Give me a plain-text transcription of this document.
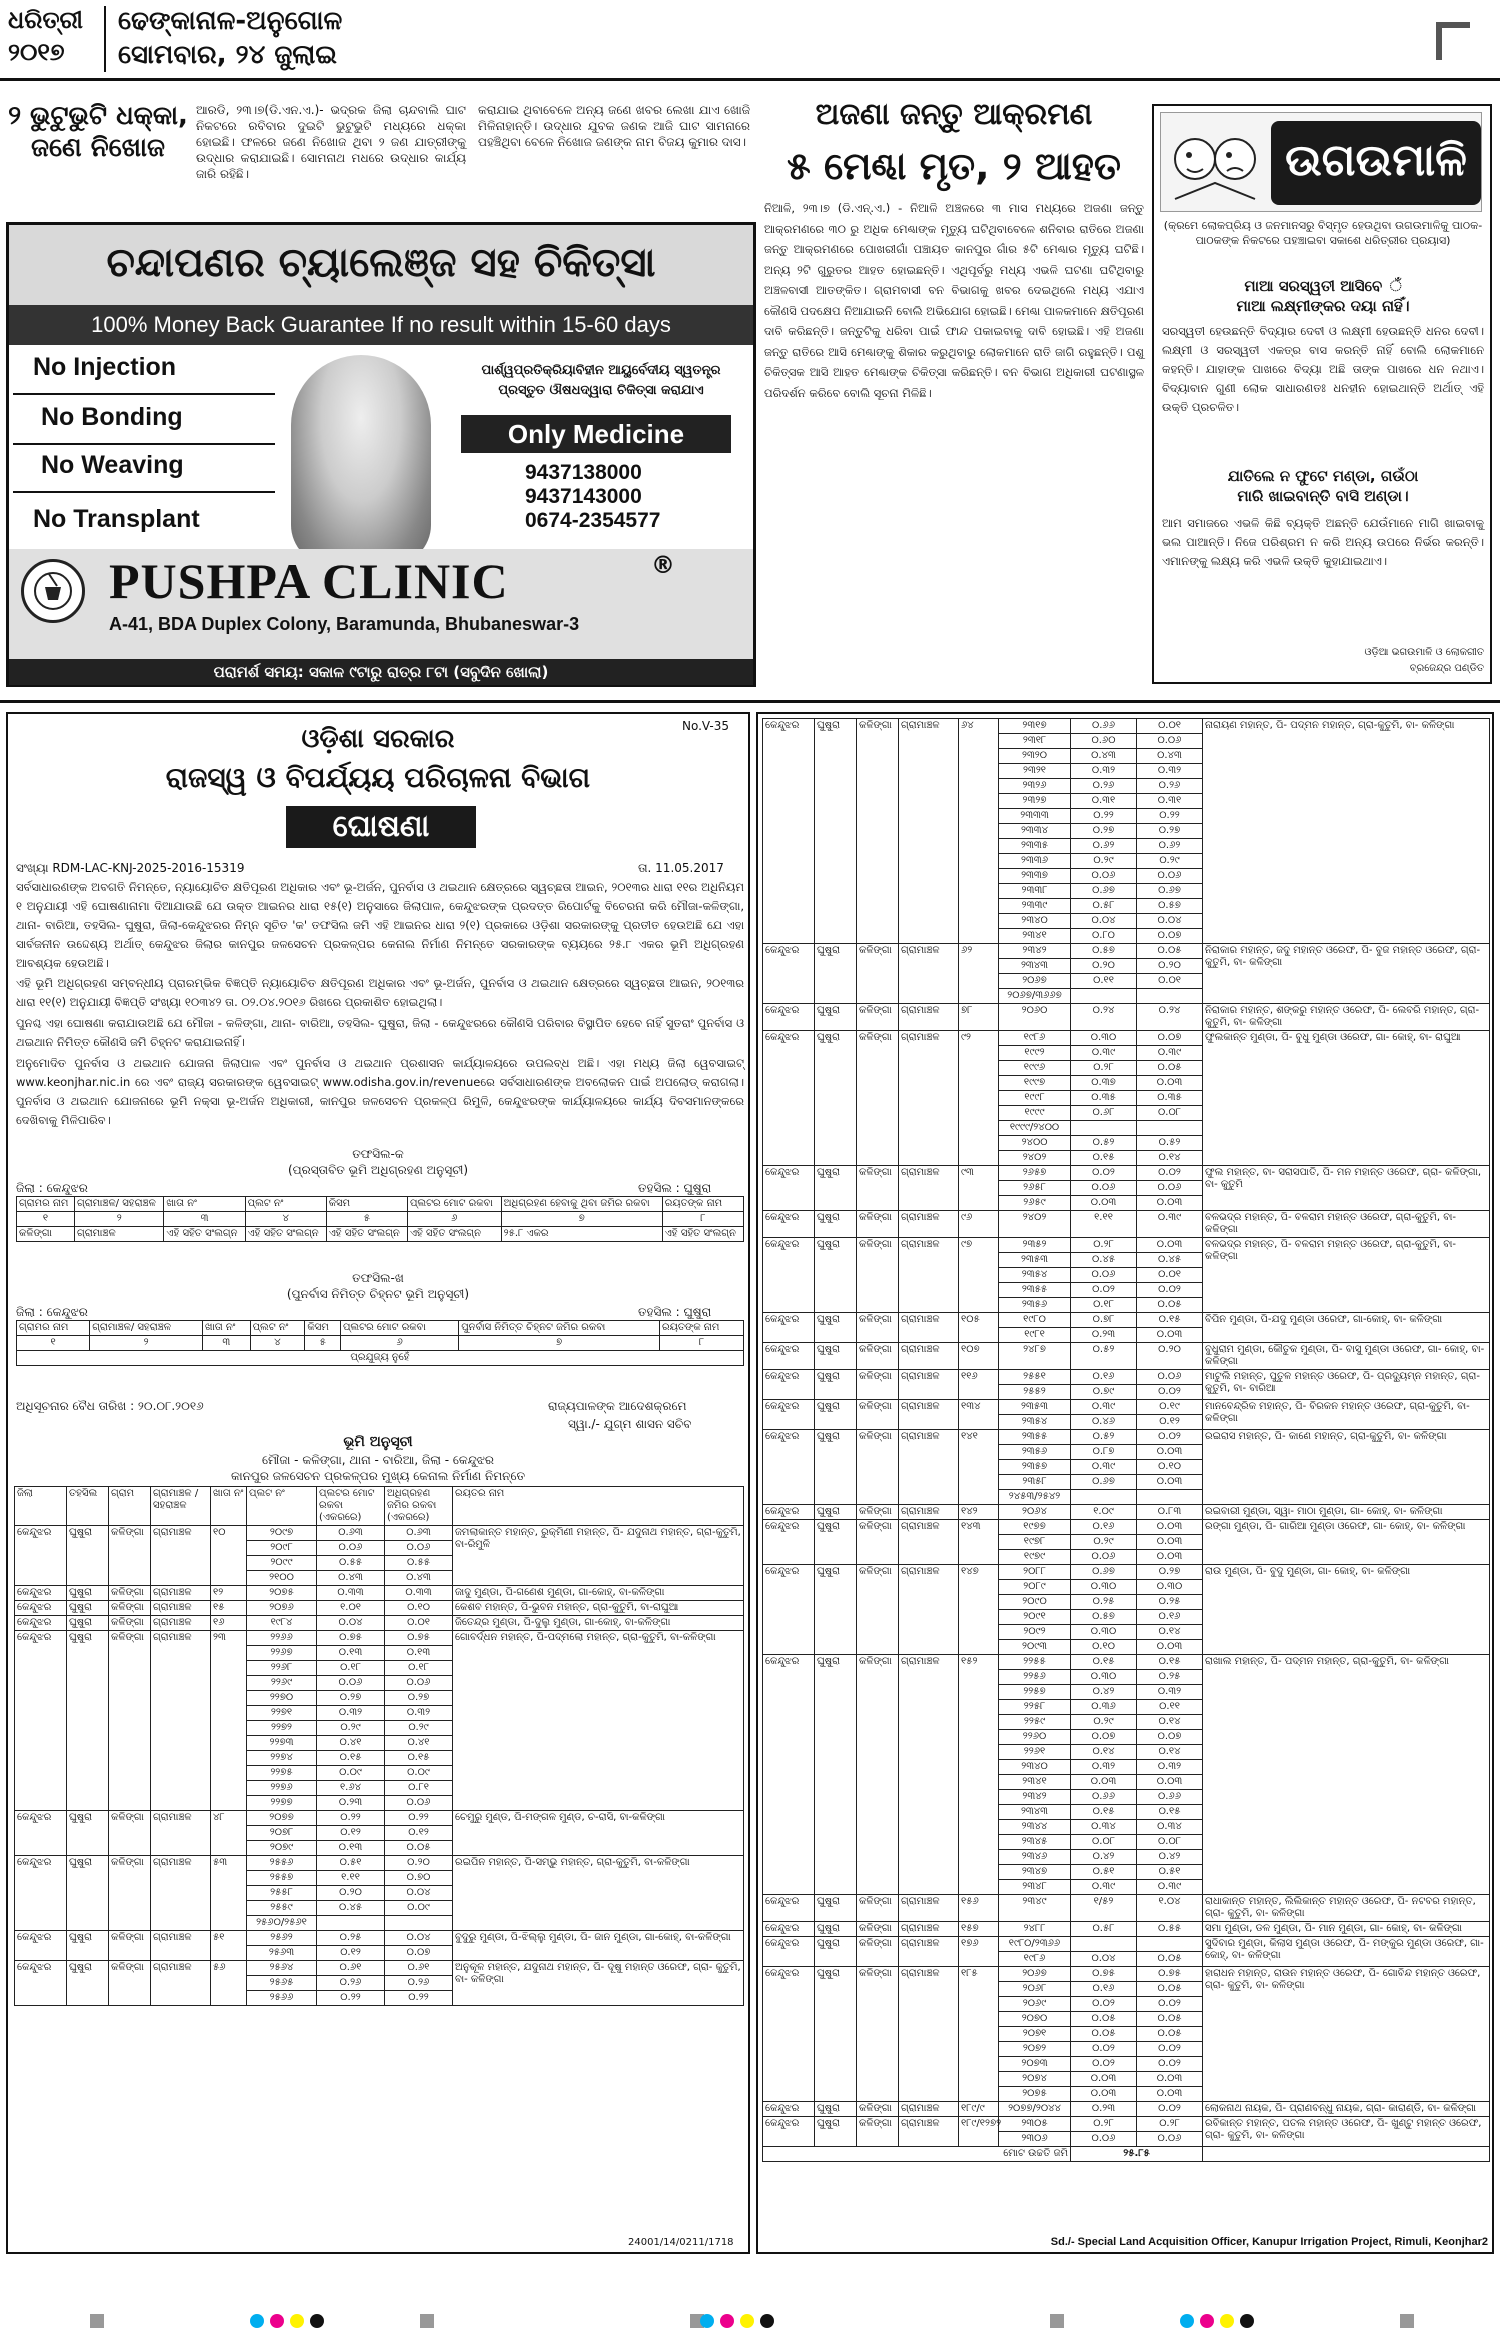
ଧରିତ୍ରୀ
୨୦୧୭
ଢେଙ୍କାନାଳ-ଅନୁଗୋଳ
ସୋମବାର, ୨୪ ଜୁଲାଇ
୨ ଭୁଟୁଭୁଟି ଧକ୍କା, ଜଣେ ନିଖୋଜ
ଆରଡି, ୨୩।୭(ଡି.ଏନ.ଏ.)- ଭଦ୍ରକ ଜିଲା ଚାନ୍ଦବାଲି ଘାଟ ନିକଟରେ ରବିବାର ଦୁଇଟି ଭୁଟୁଭୁଟି ମଧ୍ୟରେ ଧକ୍କା ହୋଇଛି। ଫଳରେ ଜଣେ ନିଖୋଜ ଥିବା ୨ ଜଣ ଯାତ୍ରୀଙ୍କୁ ଉଦ୍ଧାର କରାଯାଇଛି। ସୋମନାଥ ମଧରେ ଉଦ୍ଧାର କାର୍ଯ୍ୟ ଜାରି ରହିଛି।
କରାଯାଇ ଥିବାବେଳେ ଅନ୍ୟ ଜଣେ ଖବର ଲେଖା ଯାଏ ଖୋଜି ମିଳିନାହାନ୍ତି। ଉଦ୍ଧାର ଯୁବକ ଜଣକ ଆଜି ଘାଟ ସାମନାରେ ପହଞ୍ଚିଥିବା ବେଳେ ନିଖୋଜ ଜଣଙ୍କ ନାମ ବିଜୟ କୁମାର ଦାସ।
ଚନ୍ଦାପଣର ଚ୍ୟାଲେଞ୍ଜ ସହ ଚିକିତ୍ସା
100% Money Back Guarantee If no result within 15-60 days
No Injection
No Bonding
No Weaving
No Transplant
ପାର୍ଶ୍ୱପ୍ରତିକ୍ରିୟାବିହୀନ ଆୟୁର୍ବେଦୀୟ ସ୍ୱତନ୍ତ୍ର ପ୍ରସ୍ତୁତ ଔଷଧଦ୍ୱାରା ଚିକିତ୍ସା କରାଯାଏ
Only Medicine
9437138000
9437143000
0674-2354577
PUSHPA CLINIC	®
A-41, BDA Duplex Colony, Baramunda, Bhubaneswar-3
ପରାମର୍ଶ ସମୟ: ସକାଳ ୯ଟାରୁ ରାତ୍ର ୮ଟା (ସବୁଦିନ ଖୋଲା)
ଅଜଣା ଜନ୍ତୁ ଆକ୍ରମଣ
୫ ମେଣ୍ଢା ମୃତ, ୨ ଆହତ
ନିଆଳି, ୨୩।୭ (ଡି.ଏନ୍.ଏ.) - ନିଆଳି ଅଞ୍ଚଳରେ ୩ ମାସ ମଧ୍ୟରେ ଅଜଣା ଜନ୍ତୁ ଆକ୍ରମଣରେ ୩୦ ରୁ ଅଧିକ ମେଣ୍ଢାଙ୍କ ମୃତ୍ୟୁ ଘଟିଥିବାବେଳେ ଶନିବାର ରାତିରେ ଅଜଣା ଜନ୍ତୁ ଆକ୍ରମଣରେ ପୋଖରୀଗାଁ ପଞ୍ଚାୟତ କାନପୁର ଗାଁର ୫ଟି ମେଣ୍ଢାର ମୃତ୍ୟୁ ଘଟିଛି। ଅନ୍ୟ ୨ଟି ଗୁରୁତର ଆହତ ହୋଇଛନ୍ତି। ଏଥିପୂର୍ବରୁ ମଧ୍ୟ ଏଭଳି ଘଟଣା ଘଟିଥିବାରୁ ଅଞ୍ଚଳବାସୀ ଆତଙ୍କିତ। ଗ୍ରାମବାସୀ ବନ ବିଭାଗକୁ ଖବର ଦେଇଥିଲେ ମଧ୍ୟ ଏଯାଏ କୌଣସି ପଦକ୍ଷେପ ନିଆଯାଇନି ବୋଲି ଅଭିଯୋଗ ହୋଇଛି। ମେଣ୍ଢା ପାଳକମାନେ କ୍ଷତିପୂରଣ ଦାବି କରିଛନ୍ତି। ଜନ୍ତୁଟିକୁ ଧରିବା ପାଇଁ ଫାନ୍ଦ ପକାଇବାକୁ ଦାବି ହୋଇଛି। ଏହି ଅଜଣା ଜନ୍ତୁ ରାତିରେ ଆସି ମେଣ୍ଢାଙ୍କୁ ଶିକାର କରୁଥିବାରୁ ଲୋକମାନେ ରାତି ଜାଗି ରହୁଛନ୍ତି। ପଶୁ ଚିକିତ୍ସକ ଆସି ଆହତ ମେଣ୍ଢାଙ୍କ ଚିକିତ୍ସା କରିଛନ୍ତି। ବନ ବିଭାଗ ଅଧିକାରୀ ଘଟଣାସ୍ଥଳ ପରିଦର୍ଶନ କରିବେ ବୋଲି ସୂଚନା ମିଳିଛି।
ଉଗଉମାଳି
(କ୍ରମେ ଲୋକପ୍ରିୟ ଓ ଜନମାନସରୁ ବିସ୍ମୃତ ହେଉଥିବା ଉଗଉମାଳିକୁ ପାଠକ-ପାଠକଙ୍କ ନିକଟରେ ପହଞ୍ଚାଇବା ସକାଶେ ଧରିତ୍ରୀର ପ୍ରୟାସ)
ମାଆ ସରସ୍ୱତୀ ଆସିବେ ଁ
ମାଆ ଲକ୍ଷ୍ମୀଙ୍କର ଦୟା ନାହିଁ।
ସରସ୍ୱତୀ ହେଉଛନ୍ତି ବିଦ୍ୟାର ଦେବୀ ଓ ଲକ୍ଷ୍ମୀ ହେଉଛନ୍ତି ଧନର ଦେବୀ। ଲକ୍ଷ୍ମୀ ଓ ସରସ୍ୱତୀ ଏକତ୍ର ବାସ କରନ୍ତି ନାହିଁ ବୋଲି ଲୋକମାନେ କହନ୍ତି। ଯାହାଙ୍କ ପାଖରେ ବିଦ୍ୟା ଅଛି ତାଙ୍କ ପାଖରେ ଧନ ନଥାଏ। ବିଦ୍ୟାବାନ ଗୁଣୀ ଲୋକ ସାଧାରଣତଃ ଧନହୀନ ହୋଇଥାନ୍ତି ଅର୍ଥାତ୍ ଏହି ଉକ୍ତି ପ୍ରଚଳିତ।
ଯାତିଲେ ନ ଫୁଟେ ମଣ୍ଡା, ଗଉଁଠା
ମାରି ଖାଇବାନ୍ତି ବାସି ଅଣ୍ଡା।
ଆମ ସମାଜରେ ଏଭଳି କିଛି ବ୍ୟକ୍ତି ଅଛନ୍ତି ଯେଉଁମାନେ ମାଗି ଖାଇବାକୁ ଭଲ ପାଆନ୍ତି। ନିଜେ ପରିଶ୍ରମ ନ କରି ଅନ୍ୟ ଉପରେ ନିର୍ଭର କରନ୍ତି। ଏମାନଙ୍କୁ ଲକ୍ଷ୍ୟ କରି ଏଭଳି ଉକ୍ତି କୁହାଯାଇଥାଏ।
ଓଡ଼ିଆ ଭଗଉମାଳି ଓ ଲୋକଗୀତ
ବ୍ରଜେନ୍ଦ୍ର ପଣ୍ଡିତ
No.V-35
ଓଡ଼ିଶା ସରକାର
ରାଜସ୍ୱ ଓ ବିପର୍ଯ୍ୟୟ ପରିଚାଳନା ବିଭାଗ
ଘୋଷଣା
ସଂଖ୍ୟା RDM-LAC-KNJ-2025-2016-15319	ତା. 11.05.2017
ସର୍ବସାଧାରଣଙ୍କ ଅବଗତି ନିମନ୍ତେ, ନ୍ୟାୟୋଚିତ କ୍ଷତିପୂରଣ ଅଧିକାର ଏବଂ ଭୂ-ଅର୍ଜନ, ପୁନର୍ବାସ ଓ ଥଇଥାନ କ୍ଷେତ୍ରରେ ସ୍ୱଚ୍ଛତା ଆଇନ, ୨୦୧୩ର ଧାରା ୧୧ର ଅଧିନିୟମ ୧ ଅନୁଯାୟୀ ଏହି ଘୋଷଣାନାମା ଦିଆଯାଉଛି ଯେ ଉକ୍ତ ଆଇନର ଧାରା ୧୫(୧) ଅନୁସାରେ ଜିଲାପାଳ, କେନ୍ଦୁଝରଙ୍କ ପ୍ରଦତ୍ତ ରିପୋର୍ଟକୁ ବିଚେରନା କରି ମୌଜା-କଳିଙ୍ଗା, ଥାନା- ବାରିଆ, ତହସିଲ- ଘୁଷୁରା, ଜିଲା-କେନ୍ଦୁଝରର ନିମ୍ନ ସୂଚିତ 'କ' ତଫସିଲ ଜମି ଏହି ଆଇନର ଧାରା ୨(୧) ପ୍ରକାରେ ଓଡ଼ିଶା ସରକାରଙ୍କୁ ପ୍ରତୀତ ହେଉଅଛି ଯେ ଏହା ସାର୍ବଜନୀନ ଉଦ୍ଦେଶ୍ୟ ଅର୍ଥାତ୍ କେନ୍ଦୁଝର ଜିଲାର କାନପୁର ଜଳସେଚନ ପ୍ରକଳ୍ପର କେନାଲ ନିର୍ମାଣ ନିମନ୍ତେ ସରକାରଙ୍କ ବ୍ୟୟରେ ୨୫.୮ ଏକର ଭୂମି ଅଧିଗ୍ରହଣ ଆବଶ୍ୟକ ହେଉଅଛି।
ଏହି ଭୂମି ଅଧିଗ୍ରହଣ ସମ୍ବନ୍ଧୀୟ ପ୍ରାରମ୍ଭିକ ବିଜ୍ଞପ୍ତି ନ୍ୟାୟୋଚିତ କ୍ଷତିପୂରଣ ଅଧିକାର ଏବଂ ଭୂ-ଅର୍ଜନ, ପୁନର୍ବାସ ଓ ଥଇଥାନ କ୍ଷେତ୍ରରେ ସ୍ୱଚ୍ଛତା ଆଇନ, ୨୦୧୩ର ଧାରା ୧୧(୧) ଅନୁଯାୟୀ ବିଜ୍ଞପ୍ତି ସଂଖ୍ୟା ୧୦୩୪୨ ତା. ୦୨.୦୪.୨୦୧୬ ରିଖରେ ପ୍ରକାଶିତ ହୋଇଥିଲା।
ପୁନଶ୍ଚ ଏହା ଘୋଷଣା କରାଯାଉଅଛି ଯେ ମୌଜା - କଳିଙ୍ଗା, ଥାନା- ବାରିଆ, ତହସିଲ- ଘୁଷୁରା, ଜିଲା - କେନ୍ଦୁଝରରେ କୌଣସି ପରିବାର ବିସ୍ଥାପିତ ହେବେ ନାହିଁ ସୁତରାଂ ପୁନର୍ବାସ ଓ ଥଇଥାନ ନିମିତ୍ତ କୌଣସି ଜମି ଚିହ୍ନଟ କରାଯାଇନାହିଁ।
ଅନୁମୋଦିତ ପୁନର୍ବାସ ଓ ଥଇଥାନ ଯୋଜନା ଜିଲାପାଳ ଏବଂ ପୁନର୍ବାସ ଓ ଥଇଥାନ ପ୍ରଶାସନ କାର୍ଯ୍ୟାଳୟରେ ଉପଲବ୍ଧ ଅଛି। ଏହା ମଧ୍ୟ ଜିଲା ୱେବସାଇଟ୍ www.keonjhar.nic.in ରେ ଏବଂ ରାଜ୍ୟ ସରକାରଙ୍କ ୱେବସାଇଟ୍ www.odisha.gov.in/revenueରେ ସର୍ବସାଧାରଣଙ୍କ ଅବଲୋକନ ପାଇଁ ଅପଲୋଡ୍ କରାଗଲା। ପୁନର୍ବାସ ଓ ଥଇଥାନ ଯୋଜନାରେ ଭୂମି ନକ୍ସା ଭୂ-ଅର୍ଜନ ଅଧିକାରୀ, କାନପୁର ଜଳସେଚନ ପ୍ରକଳ୍ପ ରିମୁଳି, କେନ୍ଦୁଝରଙ୍କ କାର୍ଯ୍ୟାଳୟରେ କାର୍ଯ୍ୟ ଦିବସମାନଙ୍କରେ ଦେଖିବାକୁ ମିଳିପାରିବ।
ତଫସିଲ-କ
(ପ୍ରସ୍ତାବିତ ଭୂମି ଅଧିଗ୍ରହଣ ଅନୁସୂଚୀ)
ଜିଲା : କେନ୍ଦୁଝର	ତହସିଲ : ଘୁଷୁରା
ଗ୍ରାମର ନାମ	ଗ୍ରାମାଞ୍ଚଳ/ ସହରାଞ୍ଚଳ	ଖାତା ନଂ	ପ୍ଲଟ ନଂ	କିସମ	ପ୍ଲଟର ମୋଟ ରକବା	ଅଧିଗ୍ରହଣ ହେବାକୁ ଥିବା ଜମିର ରକବା	ରୟତଙ୍କ ନାମ
୧	୨	୩	୪	୫	୬	୭	୮
କଳିଙ୍ଗା	ଗ୍ରାମାଞ୍ଚଳ	ଏହି ସହିତ ସଂଲଗ୍ନ	ଏହି ସହିତ ସଂଲଗ୍ନ	ଏହି ସହିତ ସଂଲଗ୍ନ	ଏହି ସହିତ ସଂଲଗ୍ନ	୨୫.୮ ଏକର	ଏହି ସହିତ ସଂଲଗ୍ନ
ତଫସିଲ-ଖ
(ପୁନର୍ବାସ ନିମିତ୍ତ ଚିହ୍ନଟ ଭୂମି ଅନୁସୂଚୀ)
ଜିଲା : କେନ୍ଦୁଝର	ତହସିଲ : ଘୁଷୁରା
ଗ୍ରାମର ନାମ	ଗ୍ରାମାଞ୍ଚଳ/ ସହରାଞ୍ଚଳ	ଖାତା ନଂ	ପ୍ଲଟ ନଂ	କିସମ	ପ୍ଲଟର ମୋଟ ରକବା	ପୁନର୍ବାସ ନିମିତ୍ତ ଚିହ୍ନଟ ଜମିର ରକବା	ରୟତଙ୍କ ନାମ
୧	୨	୩	୪	୫	୬	୭	୮
ପ୍ରଯୁଜ୍ୟ ନୁହେଁ							
ଅଧିସୂଚନାର ବୈଧ ତାରିଖ : ୨୦.୦୮.୨୦୧୬	ରାଜ୍ୟପାଳଙ୍କ ଆଦେଶକ୍ରମେ
ସ୍ୱା./- ଯୁଗ୍ମ ଶାସନ ସଚିବ
ଭୂମି ଅନୁସୂଚୀ
ମୌଜା - କଳିଙ୍ଗା, ଥାନା - ବାରିଆ, ଜିଲା - କେନ୍ଦୁଝର
କାନପୁର ଜଳସେଚନ ପ୍ରକଳ୍ପର ମୁଖ୍ୟ କେନାଲ ନିର୍ମାଣ ନିମନ୍ତେ
ଜିଲା	ତହସିଲ	ଗ୍ରାମ	ଗ୍ରାମାଞ୍ଚଳ / ସହରାଞ୍ଚଳ	ଖାତା ନଂ	ପ୍ଲଟ ନଂ	ପ୍ଲଟର ମୋଟ ରକବା (ଏକରରେ)	ଅଧିଗ୍ରହଣ ଜମିର ରକବା (ଏକରରେ)	ରୟତର ନାମ
କେନ୍ଦୁଝର	ଘୁଷୁରା	କଳିଙ୍ଗା	ଗ୍ରାମାଞ୍ଚଳ	୧୦	୨୦୯୭	୦.୬୩	୦.୬୩	ଜମଲାକାନ୍ତ ମହାନ୍ତ, ରୁକ୍ମିଣୀ ମହାନ୍ତ, ପି- ଯଦୁନାଥ ମହାନ୍ତ, ଗ୍ରା-କୁତୁମି, ବା-ରିମୁଳି
					୨୦୯୮	୦.୦୬	୦.୦୬	
					୨୦୯୯	୦.୫୫	୦.୫୫	
					୨୧୦୦	୦.୪୩	୦.୪୩	
କେନ୍ଦୁଝର	ଘୁଷୁରା	କଳିଙ୍ଗା	ଗ୍ରାମାଞ୍ଚଳ	୧୨	୨୦୭୫	୦.୩୩	୦.୩୩	ଜାଦୁ ମୁଣ୍ଡା, ପି-ଗଣେଶ ମୁଣ୍ଡା, ଗା-କୋହ୍, ବା-କଳିଙ୍ଗା
କେନ୍ଦୁଝର	ଘୁଷୁରା	କଳିଙ୍ଗା	ଗ୍ରାମାଞ୍ଚଳ	୧୫	୨୦୭୬	୧.୦୧	୦.୧୦	କେଶବ ମହାନ୍ତ, ପି-ଭୁବନ ମହାନ୍ତ, ଗ୍ରା-କୁତୁମି, ବା-ରାଘୁଆ
କେନ୍ଦୁଝର	ଘୁଷୁରା	କଳିଙ୍ଗା	ଗ୍ରାମାଞ୍ଚଳ	୧୬	୧୯୮୪	୦.୦୪	୦.୦୧	ଜିତେନ୍ଦ୍ର ମୁଣ୍ଡା, ପି-ଦୁଲୁ ମୁଣ୍ଡା, ଗା-କୋହ୍, ବା-କଳିଙ୍ଗା
କେନ୍ଦୁଝର	ଘୁଷୁରା	କଳିଙ୍ଗା	ଗ୍ରାମାଞ୍ଚଳ	୨୩	୨୨୬୬	୦.୭୫	୦.୭୫	ଗୋବର୍ଦ୍ଧନ ମହାନ୍ତ, ପି-ପଦ୍ମଲୋ ମହାନ୍ତ, ଗ୍ରା-କୁତୁମି, ବା-କଳିଙ୍ଗା
					୨୨୬୭	୦.୧୩	୦.୧୩	
					୨୨୬୮	୦.୧୮	୦.୧୮	
					୨୨୬୯	୦.୦୬	୦.୦୬	
					୨୨୭୦	୦.୨୭	୦.୨୭	
					୨୨୭୧	୦.୩୨	୦.୩୨	
					୨୨୭୨	୦.୨୯	୦.୨୯	
					୨୨୭୩	୦.୪୧	୦.୪୧	
					୨୨୭୪	୦.୧୫	୦.୧୫	
					୨୨୭୫	୦.୦୯	୦.୦୯	
					୨୨୭୬	୧.୬୪	୦.୮୧	
					୨୨୭୭	୦.୨୩	୦.୦୬	
କେନ୍ଦୁଝର	ଘୁଷୁରା	କଳିଙ୍ଗା	ଗ୍ରାମାଞ୍ଚଳ	୪୮	୨୦୭୭	୦.୨୨	୦.୨୨	ଚେମୁରୁ ମୁଣ୍ଡ, ପି-ମଙ୍ଗଳ ମୁଣ୍ଡ, ଚ-ରାସି, ବା-କଳିଙ୍ଗା
					୨୦୭୮	୦.୧୨	୦.୧୨	
					୨୦୭୯	୦.୧୩	୦.୦୫	
କେନ୍ଦୁଝର	ଘୁଷୁରା	କଳିଙ୍ଗା	ଗ୍ରାମାଞ୍ଚଳ	୫୩	୨୫୫୬	୦.୫୧	୦.୨୦	ରଇପିନ ମହାନ୍ତ, ପି-ସମ୍ଭୁ ମହାନ୍ତ, ଗ୍ରା-କୁତୁମି, ବା-କଳିଙ୍ଗା
					୨୫୫୭	୧.୧୧	୦.୭୦	
					୨୫୫୮	୦.୨୦	୦.୦୪	
					୨୫୫୯	୦.୪୫	୦.୦୯	
					୨୫୬୦/୨୫୬୧			
କେନ୍ଦୁଝର	ଘୁଷୁରା	କଳିଙ୍ଗା	ଗ୍ରାମାଞ୍ଚଳ	୫୧	୨୫୬୨	୦.୨୫	୦.୦୪	ବୁଦୁରୁ ମୁଣ୍ଡା, ପି-ଝିଲ୍ଲୁ ମୁଣ୍ଡା, ପି- ଜାନ ମୁଣ୍ଡା, ଗା-କୋହ୍, ବା-କଳିଙ୍ଗା
					୨୫୬୩	୦.୧୨	୦.୦୭	
କେନ୍ଦୁଝର	ଘୁଷୁରା	କଳିଙ୍ଗା	ଗ୍ରାମାଞ୍ଚଳ	୫୬	୨୫୬୪	୦.୬୧	୦.୬୧	ଅନୁକୂଳ ମହାନ୍ତ, ଯଦୁନାଥ ମହାନ୍ତ, ପି- ଦୂଷୁ ମହାନ୍ତ ଓରେଫ, ଗ୍ରା- କୁତୁମି, ବା- କଳିଙ୍ଗା
					୨୫୬୫	୦.୨୬	୦.୨୬	
					୨୫୬୬	୦.୨୨	୦.୨୨	
24001/14/0211/1718
କେନ୍ଦୁଝର	ଘୁଷୁରା	କଳିଙ୍ଗା	ଗ୍ରାମାଞ୍ଚଳ	୬୪	୨୩୧୭	୦.୬୬	୦.୦୧	ନାରାୟଣ ମହାନ୍ତ, ପି- ପଦ୍ମନ ମହାନ୍ତ, ଗ୍ରା-କୁତୁମି, ବା- କଳିଙ୍ଗା
					୨୩୧୮	୦.୬୦	୦.୦୬	
					୨୩୨୦	୦.୪୩	୦.୪୩	
					୨୩୨୧	୦.୩୨	୦.୩୨	
					୨୩୨୬	୦.୨୬	୦.୨୬	
					୨୩୨୭	୦.୩୧	୦.୩୧	
					୨୩୩୩	୦.୨୨	୦.୨୨	
					୨୩୩୪	୦.୨୭	୦.୨୭	
					୨୩୩୫	୦.୬୨	୦.୬୨	
					୨୩୩୬	୦.୨୯	୦.୨୯	
					୨୩୩୭	୦.୦୬	୦.୦୬	
					୨୩୩୮	୦.୬୭	୦.୬୭	
					୨୩୩୯	୦.୫୮	୦.୫୭	
					୨୩୪୦	୦.୦୪	୦.୦୪	
					୨୩୪୧	୦.୮୦	୦.୦୭	
କେନ୍ଦୁଝର	ଘୁଷୁରା	କଳିଙ୍ଗା	ଗ୍ରାମାଞ୍ଚଳ	୬୨	୨୩୪୨	୦.୫୭	୦.୦୫	ନିରାକାର ମହାନ୍ତ, ଜଦୁ ମହାନ୍ତ ଓରେଫ, ପି- ବୁଜ ମହାନ୍ତ ଓରେଫ, ଗ୍ରା- କୁତୁମି, ବା- କଳିଙ୍ଗା
					୨୩୪୩	୦.୨୦	୦.୨୦	
					୨୦୬୭	୦.୧୧	୦.୦୧	
					୨୦୬୭/୩୬୬୭			
କେନ୍ଦୁଝର	ଘୁଷୁରା	କଳିଙ୍ଗା	ଗ୍ରାମାଞ୍ଚଳ	୭୮	୨୦୬୦	୦.୨୪	୦.୨୪	ନିରାକାର ମହାନ୍ତ, ଶଙ୍କରୁ ମହାନ୍ତ ଓରେଫ, ପି- ଲେବରି ମହାନ୍ତ, ଗ୍ରା- କୁତୁମି, ବା- କଳିଙ୍ଗା
କେନ୍ଦୁଝର	ଘୁଷୁରା	କଳିଙ୍ଗା	ଗ୍ରାମାଞ୍ଚଳ	୯୨	୧୯୮୬	୦.୩୦	୦.୦୭	ଫୁଲକାନ୍ତ ମୁଣ୍ଡା, ପି- ବୁଧୁ ମୁଣ୍ଡା ଓରେଫ, ଗା- କୋହ୍, ବା- ରାଘୁଆ
					୧୯୯୨	୦.୩୯	୦.୩୯	
					୧୯୯୬	୦.୨୮	୦.୦୫	
					୧୯୯୭	୦.୩୭	୦.୦୩	
					୧୯୯୮	୦.୩୫	୦.୩୫	
					୧୯୯୯	୦.୬୮	୦.୦୮	
					୧୯୯୯/୨୪୦୦			
					୨୪୦୦	୦.୫୨	୦.୫୨	
					୨୪୦୨	୦.୧୫	୦.୧୪	
କେନ୍ଦୁଝର	ଘୁଷୁରା	କଳିଙ୍ଗା	ଗ୍ରାମାଞ୍ଚଳ	୯୩	୨୬୫୭	୦.୦୨	୦.୦୨	ଫୁଲ ମହାନ୍ତ, ବା- ସରାସପାତି, ପି- ମନ ମହାନ୍ତ ଓରେଫ, ଗ୍ରା- କଳିଙ୍ଗା, ବା- କୁତୁମି
					୨୬୫୮	୦.୦୬	୦.୦୬	
					୨୬୫୯	୦.୦୩	୦.୦୩	
କେନ୍ଦୁଝର	ଘୁଷୁରା	କଳିଙ୍ଗା	ଗ୍ରାମାଞ୍ଚଳ	୯୬	୨୪୦୨	୧.୧୧	୦.୩୯	ବଳଭଦ୍ର ମହାନ୍ତ, ପି- ବଳରାମ ମହାନ୍ତ ଓରେଫ, ଗ୍ରା-କୁତୁମି, ବା-କଳିଙ୍ଗା
କେନ୍ଦୁଝର	ଘୁଷୁରା	କଳିଙ୍ଗା	ଗ୍ରାମାଞ୍ଚଳ	୯୭	୨୩୫୨	୦.୨୮	୦.୦୩	ବଳଭଦ୍ର ମହାନ୍ତ, ପି- ବଳରାମ ମହାନ୍ତ ଓରେଫ, ଗ୍ରା-କୁତୁମି, ବା-କଳିଙ୍ଗା
					୨୩୫୩	୦.୪୫	୦.୪୫	
					୨୩୫୪	୦.୦୬	୦.୦୧	
					୨୩୫୫	୦.୦୨	୦.୦୨	
					୨୩୫୬	୦.୧୮	୦.୦୫	
କେନ୍ଦୁଝର	ଘୁଷୁରା	କଳିଙ୍ଗା	ଗ୍ରାମାଞ୍ଚଳ	୧୦୫	୧୯୮୦	୦.୭୮	୦.୧୫	ବିପିନ ମୁଣ୍ଡା, ପି-ଯଦୁ ମୁଣ୍ଡା ଓରେଫ, ଗା-କୋହ୍, ବା- କଳିଙ୍ଗା
					୧୯୮୧	୦.୨୩	୦.୦୩	
କେନ୍ଦୁଝର	ଘୁଷୁରା	କଳିଙ୍ଗା	ଗ୍ରାମାଞ୍ଚଳ	୧୦୭	୨୪୮୭	୦.୫୨	୦.୨୦	ବୁଧୁରାମ ମୁଣ୍ଡା, କୌତୁକ ମୁଣ୍ଡା, ପି- ବାସୁ ମୁଣ୍ଡା ଓରେଫ, ଗା- କୋହ୍, ବା- କଳିଙ୍ଗା
କେନ୍ଦୁଝର	ଘୁଷୁରା	କଳିଙ୍ଗା	ଗ୍ରାମାଞ୍ଚଳ	୧୧୬	୨୫୫୧	୦.୧୬	୦.୦୬	ମାଟୁଲି ମହାନ୍ତ, ପୁତୁଳ ମହାନ୍ତ ଓରେଫ, ପି- ପ୍ରଦ୍ୟୁମ୍ନ ମହାନ୍ତ, ଗ୍ରା- କୁତୁମି, ବା- ବାରିଆ
					୨୫୫୨	୦.୭୯	୦.୦୨	
କେନ୍ଦୁଝର	ଘୁଷୁରା	କଳିଙ୍ଗା	ଗ୍ରାମାଞ୍ଚଳ	୧୩୪	୨୩୫୩	୦.୩୯	୦.୧୯	ମାନବେନ୍ଦ୍ରିକ ମହାନ୍ତ, ପି- ବିରକନ ମହାନ୍ତ ଓରେଫ, ଗ୍ରା-କୁତୁମି, ବା-କଳିଙ୍ଗା
					୨୩୫୪	୦.୪୬	୦.୧୨	
କେନ୍ଦୁଝର	ଘୁଷୁରା	କଳିଙ୍ଗା	ଗ୍ରାମାଞ୍ଚଳ	୧୪୧	୨୩୫୫	୦.୫୨	୦.୦୨	ରଇରାସ ମହାନ୍ତ, ପି- କାଣେ ମହାନ୍ତ, ଗ୍ରା-କୁତୁମି, ବା- କଳିଙ୍ଗା
					୨୩୫୬	୦.୮୭	୦.୦୩	
					୨୩୫୭	୦.୩୯	୦.୧୦	
					୨୩୫୮	୦.୬୭	୦.୦୩	
					୨୪୫୩/୨୫୪୨			
କେନ୍ଦୁଝର	ଘୁଷୁରା	କଳିଙ୍ଗା	ଗ୍ରାମାଞ୍ଚଳ	୧୪୨	୨୦୬୪	୧.୦୯	୦.୮୩	ରଇବାରୀ ମୁଣ୍ଡା, ସ୍ୱା- ମାଠା ମୁଣ୍ଡା, ଗା- କୋହ୍, ବା- କଳିଙ୍ଗା
କେନ୍ଦୁଝର	ଘୁଷୁରା	କଳିଙ୍ଗା	ଗ୍ରାମାଞ୍ଚଳ	୧୪୩	୧୯୭୭	୦.୧୬	୦.୦୩	ରଙ୍ଗା ମୁଣ୍ଡା, ପି- ଗାରିଆ ମୁଣ୍ଡା ଓରେଫ, ଗା- କୋହ୍, ବା- କଳିଙ୍ଗା
					୧୯୭୮	୦.୨୯	୦.୦୩	
					୧୯୭୯	୦.୦୬	୦.୦୩	
କେନ୍ଦୁଝର	ଘୁଷୁରା	କଳିଙ୍ଗା	ଗ୍ରାମାଞ୍ଚଳ	୧୪୭	୨୦୮୮	୦.୬୭	୦.୨୭	ରାଉ ମୁଣ୍ଡା, ପି- ବୁଦୁ ମୁଣ୍ଡା, ଗା- କୋହ୍, ବା- କଳିଙ୍ଗା
					୨୦୮୯	୦.୩୦	୦.୩୦	
					୨୦୯୦	୦.୨୫	୦.୨୫	
					୨୦୯୧	୦.୫୭	୦.୧୬	
					୨୦୯୨	୦.୩୦	୦.୧୪	
					୨୦୯୩	୦.୧୦	୦.୦୩	
କେନ୍ଦୁଝର	ଘୁଷୁରା	କଳିଙ୍ଗା	ଗ୍ରାମାଞ୍ଚଳ	୧୫୨	୨୨୫୫	୦.୧୫	୦.୧୫	ରାଖାଲ ମହାନ୍ତ, ପି- ପଦ୍ମନ ମହାନ୍ତ, ଗ୍ରା-କୁତୁମି, ବା- କଳିଙ୍ଗା
					୨୨୫୬	୦.୩୦	୦.୨୫	
					୨୨୫୭	୦.୪୨	୦.୩୨	
					୨୨୫୮	୦.୩୬	୦.୧୧	
					୨୨୫୯	୦.୨୯	୦.୧୪	
					୨୨୬୦	୦.୦୭	୦.୦୭	
					୨୨୬୧	୦.୧୪	୦.୧୪	
					୨୩୪୦	୦.୩୨	୦.୩୨	
					୨୩୪୧	୦.୦୩	୦.୦୩	
					୨୩୪୨	୦.୬୬	୦.୬୬	
					୨୩୪୩	୦.୧୫	୦.୧୫	
					୨୩୪୪	୦.୩୪	୦.୩୪	
					୨୩୪୫	୦.୦୮	୦.୦୮	
					୨୩୪୬	୦.୪୨	୦.୪୨	
					୨୩୪୭	୦.୫୧	୦.୫୧	
					୨୩୪୮	୦.୩୯	୦.୩୯	
କେନ୍ଦୁଝର	ଘୁଷୁରା	କଳିଙ୍ଗା	ଗ୍ରାମାଞ୍ଚଳ	୧୫୬	୨୩୪୯	୧/୫୨	୧.୦୪	ରାଧାକାନ୍ତ ମହାନ୍ତ, ଲିଲିକାନ୍ତ ମହାନ୍ତ ଓରେଫ, ପି- ନଟବର ମହାନ୍ତ, ଗ୍ରା- କୁତୁମି, ବା- କଳିଙ୍ଗା
କେନ୍ଦୁଝର	ଘୁଷୁରା	କଳିଙ୍ଗା	ଗ୍ରାମାଞ୍ଚଳ	୧୫୭	୨୪୮୮	୦.୫୮	୦.୫୫	ସମା ମୁଣ୍ଡା, ଡଳ ମୁଣ୍ଡା, ପି- ମାନ ମୁଣ୍ଡା, ଗା- କୋହ୍, ବା- କଳିଙ୍ଗା
କେନ୍ଦୁଝର	ଘୁଷୁରା	କଳିଙ୍ଗା	ଗ୍ରାମାଞ୍ଚଳ	୧୭୬	୧୯୮୦/୨୩୬୬			ସୁଦିବାର ମୁଣ୍ଡା, କିଲାସ ମୁଣ୍ଡା ଓରେଫ, ପି- ମଙ୍କୁର ମୁଣ୍ଡା ଓରେଫ, ଗା- କୋହ୍, ବା- କଳିଙ୍ଗା
					୧୯୮୬	୦.୦୪	୦.୦୫	
କେନ୍ଦୁଝର	ଘୁଷୁରା	କଳିଙ୍ଗା	ଗ୍ରାମାଞ୍ଚଳ	୧୮୫	୨୦୬୭	୦.୭୫	୦.୭୫	ହାରାଧନ ମହାନ୍ତ, ରାଉନ ମହାନ୍ତ ଓରେଫ, ପି- ଗୋବିନ୍ଦ ମହାନ୍ତ ଓରେଫ, ଗ୍ରା- କୁତୁମି, ବା- କଳିଙ୍ଗା
					୨୦୬୮	୦.୧୬	୦.୦୫	
					୨୦୬୯	୦.୦୨	୦.୦୨	
					୨୦୭୦	୦.୦୫	୦.୦୫	
					୨୦୭୧	୦.୦୫	୦.୦୫	
					୨୦୭୨	୦.୦୨	୦.୦୨	
					୨୦୭୩	୦.୦୨	୦.୦୨	
					୨୦୭୪	୦.୦୩	୦.୦୩	
					୨୦୭୫	୦.୦୩	୦.୦୩	
କେନ୍ଦୁଝର	ଘୁଷୁରା	କଳିଙ୍ଗା	ଗ୍ରାମାଞ୍ଚଳ	୧୮୯/୯	୨୦୭୭/୨୦୪୪	୦.୨୩	୦.୦୨	ଲୋକନାଥ ନାୟକ, ପି- ପ୍ରାଣବନ୍ଧୁ ନାୟକ, ଗ୍ରା- କାରାଣ୍ଡି, ବା- କଳିଙ୍ଗା
କେନ୍ଦୁଝର	ଘୁଷୁରା	କଳିଙ୍ଗା	ଗ୍ରାମାଞ୍ଚଳ	୧୮୯/୧୨୭୨	୨୩୦୫	୦.୨୮	୦.୨୮	ରବିକାନ୍ତ ମହାନ୍ତ, ପତଲ ମହାନ୍ତ ଓରେଫ, ପି- ଖୁଣ୍ଟୁ ମହାନ୍ତ ଓରେଫ, ଗ୍ରା- କୁତୁମି, ବା- କଳିଙ୍ଗା
					୨୩୦୬	୦.୦୬	୦.୦୬	
ମୋଟ ଉଚ୍ଚତି ଜମି						୨୫.୮୫		
Sd./- Special Land Acquisition Officer, Kanupur Irrigation Project, Rimuli, Keonjhar2
